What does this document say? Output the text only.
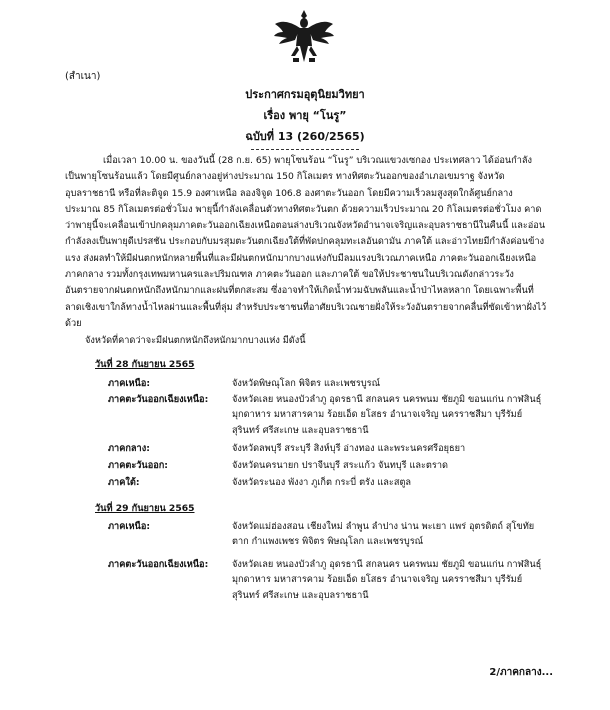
(สำเนา)
ประกาศกรมอุตุนิยมวิทยา
เรื่อง พายุ “โนรู”
ฉบับที่ 13 (260/2565)

เมื่อเวลา 10.00 น. ของวันนี้ (28 ก.ย. 65) พายุโซนร้อน “โนรู” บริเวณแขวงเซกอง ประเทศลาว ได้อ่อนกำลังเป็นพายุโซนร้อนแล้ว โดยมีศูนย์กลางอยู่ห่างประมาณ 150 กิโลเมตร ทางทิศตะวันออกของอำเภอเขมราฐ จังหวัดอุบลราชธานี หรือที่ละติจูด 15.9 องศาเหนือ ลองจิจูด 106.8 องศาตะวันออก โดยมีความเร็วลมสูงสุดใกล้ศูนย์กลางประมาณ 85 กิโลเมตรต่อชั่วโมง พายุนี้กำลังเคลื่อนตัวทางทิศตะวันตก ด้วยความเร็วประมาณ 20 กิโลเมตรต่อชั่วโมง คาดว่าพายุนี้จะเคลื่อนเข้าปกคลุมภาคตะวันออกเฉียงเหนือตอนล่างบริเวณจังหวัดอำนาจเจริญและอุบลราชธานีในคืนนี้ และอ่อนกำลังลงเป็นพายุดีเปรสชัน ประกอบกับมรสุมตะวันตกเฉียงใต้ที่พัดปกคลุมทะเลอันดามัน ภาคใต้ และอ่าวไทยมีกำลังค่อนข้างแรง ส่งผลทำให้มีฝนตกหนักหลายพื้นที่และมีฝนตกหนักมากบางแห่งกับมีลมแรงบริเวณภาคเหนือ ภาคตะวันออกเฉียงเหนือ ภาคกลาง รวมทั้งกรุงเทพมหานครและปริมณฑล ภาคตะวันออก และภาคใต้ ขอให้ประชาชนในบริเวณดังกล่าวระวังอันตรายจากฝนตกหนักถึงหนักมากและฝนที่ตกสะสม ซึ่งอาจทำให้เกิดน้ำท่วมฉับพลันและน้ำป่าไหลหลาก โดยเฉพาะพื้นที่ลาดเชิงเขาใกล้ทางน้ำไหลผ่านและพื้นที่ลุ่ม สำหรับประชาชนที่อาศัยบริเวณชายฝั่งให้ระวังอันตรายจากคลื่นที่ซัดเข้าหาฝั่งไว้ด้วย

จังหวัดที่คาดว่าจะมีฝนตกหนักถึงหนักมากบางแห่ง มีดังนี้
วันที่ 28 กันยายน 2565
ภาคเหนือ:	จังหวัดพิษณุโลก พิจิตร และเพชรบูรณ์
ภาคตะวันออกเฉียงเหนือ:	จังหวัดเลย หนองบัวลำภู อุดรธานี สกลนคร นครพนม ชัยภูมิ ขอนแก่น กาฬสินธุ์ มุกดาหาร มหาสารคาม ร้อยเอ็ด ยโสธร อำนาจเจริญ นครราชสีมา บุรีรัมย์ สุรินทร์ ศรีสะเกษ และอุบลราชธานี
ภาคกลาง:	จังหวัดลพบุรี สระบุรี สิงห์บุรี อ่างทอง และพระนครศรีอยุธยา
ภาคตะวันออก:	จังหวัดนครนายก ปราจีนบุรี สระแก้ว จันทบุรี และตราด
ภาคใต้:	จังหวัดระนอง พังงา ภูเก็ต กระบี่ ตรัง และสตูล
วันที่ 29 กันยายน 2565
ภาคเหนือ:	จังหวัดแม่ฮ่องสอน เชียงใหม่ ลำพูน ลำปาง น่าน พะเยา แพร่ อุตรดิตถ์ สุโขทัย ตาก กำแพงเพชร พิจิตร พิษณุโลก และเพชรบูรณ์
ภาคตะวันออกเฉียงเหนือ:	จังหวัดเลย หนองบัวลำภู อุดรธานี สกลนคร นครพนม ชัยภูมิ ขอนแก่น กาฬสินธุ์ มุกดาหาร มหาสารคาม ร้อยเอ็ด ยโสธร อำนาจเจริญ นครราชสีมา บุรีรัมย์ สุรินทร์ ศรีสะเกษ และอุบลราชธานี
2/ภาคกลาง...
